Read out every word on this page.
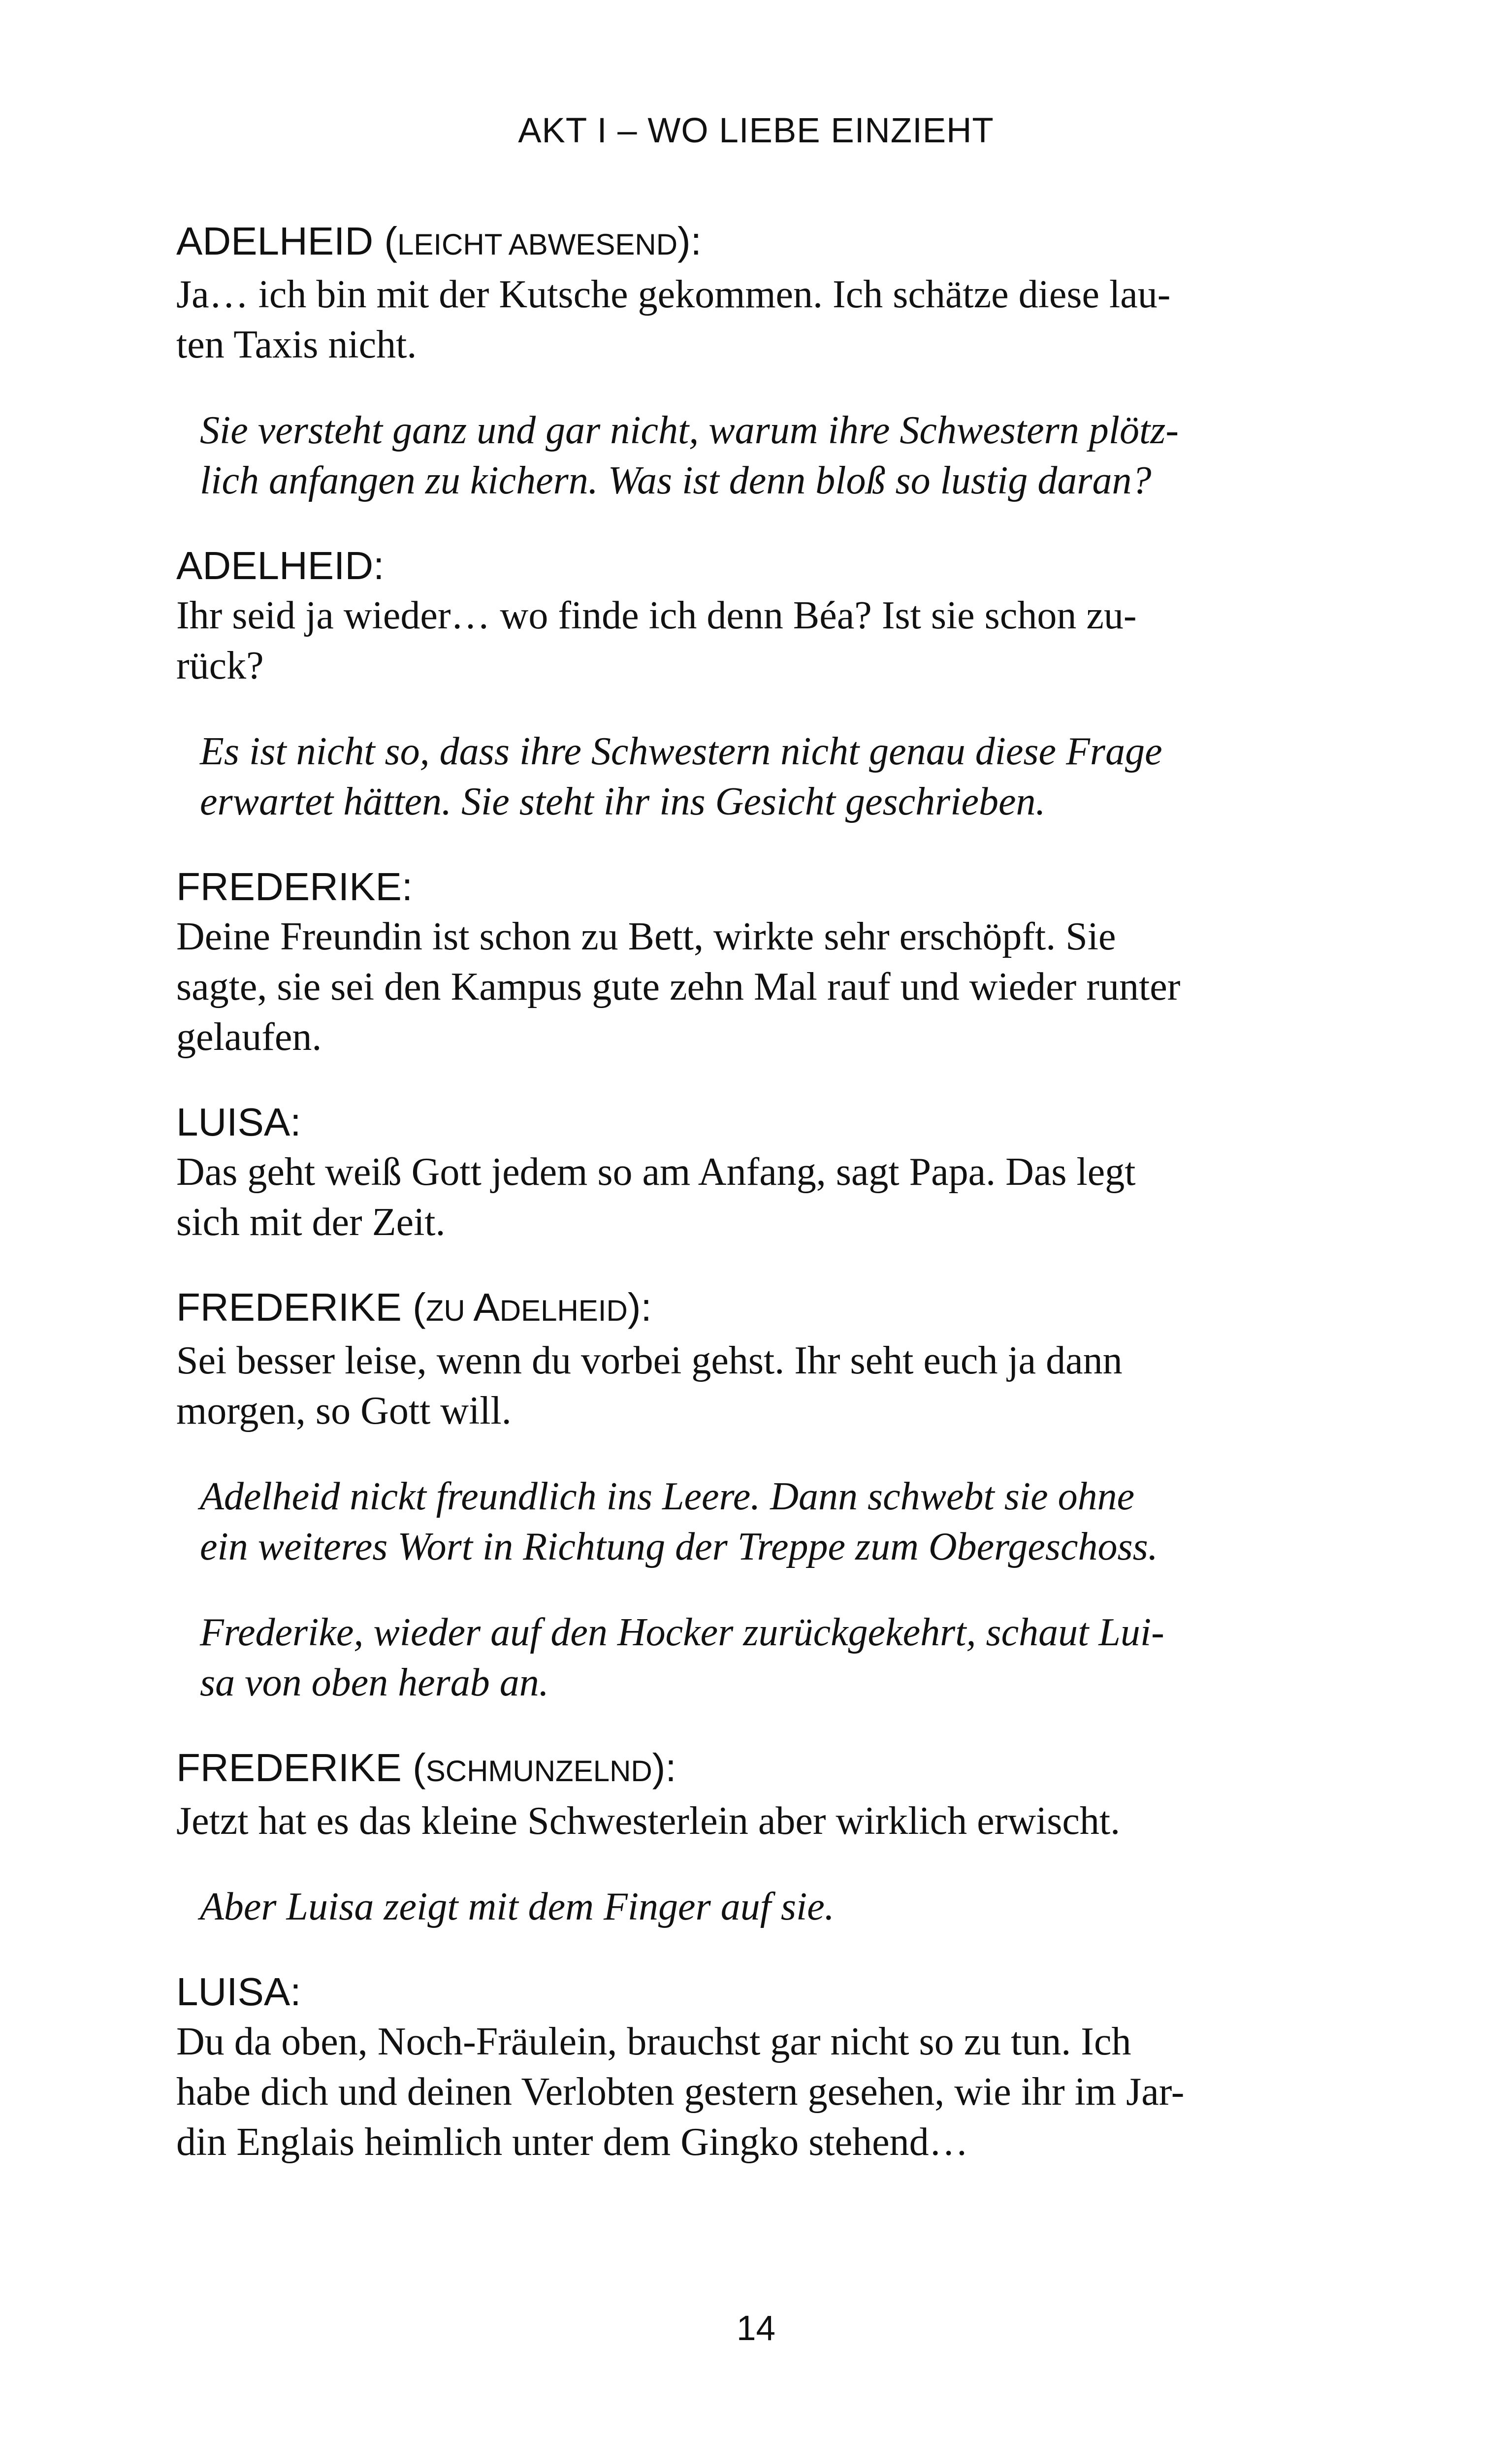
AKT I – WO LIEBE EINZIEHT

ADELHEID (LEICHT ABWESEND):

Ja… ich bin mit der Kutsche gekommen. Ich schätze diese lau-

ten Taxis nicht.

Sie versteht ganz und gar nicht, warum ihre Schwestern plötz-

lich anfangen zu kichern. Was ist denn bloß so lustig daran?

ADELHEID:

Ihr seid ja wieder… wo finde ich denn Béa? Ist sie schon zu-

rück?

Es ist nicht so, dass ihre Schwestern nicht genau diese Frage

erwartet hätten. Sie steht ihr ins Gesicht geschrieben.

FREDERIKE:

Deine Freundin ist schon zu Bett, wirkte sehr erschöpft. Sie

sagte, sie sei den Kampus gute zehn Mal rauf und wieder runter

gelaufen.

LUISA:

Das geht weiß Gott jedem so am Anfang, sagt Papa. Das legt

sich mit der Zeit.

FREDERIKE (ZU ADELHEID):

Sei besser leise, wenn du vorbei gehst. Ihr seht euch ja dann

morgen, so Gott will.

Adelheid nickt freundlich ins Leere. Dann schwebt sie ohne

ein weiteres Wort in Richtung der Treppe zum Obergeschoss.

Frederike, wieder auf den Hocker zurückgekehrt, schaut Lui-

sa von oben herab an.

FREDERIKE (SCHMUNZELND):

Jetzt hat es das kleine Schwesterlein aber wirklich erwischt.

Aber Luisa zeigt mit dem Finger auf sie.

LUISA:

Du da oben, Noch-Fräulein, brauchst gar nicht so zu tun. Ich

habe dich und deinen Verlobten gestern gesehen, wie ihr im Jar-

din Englais heimlich unter dem Gingko stehend…

14
